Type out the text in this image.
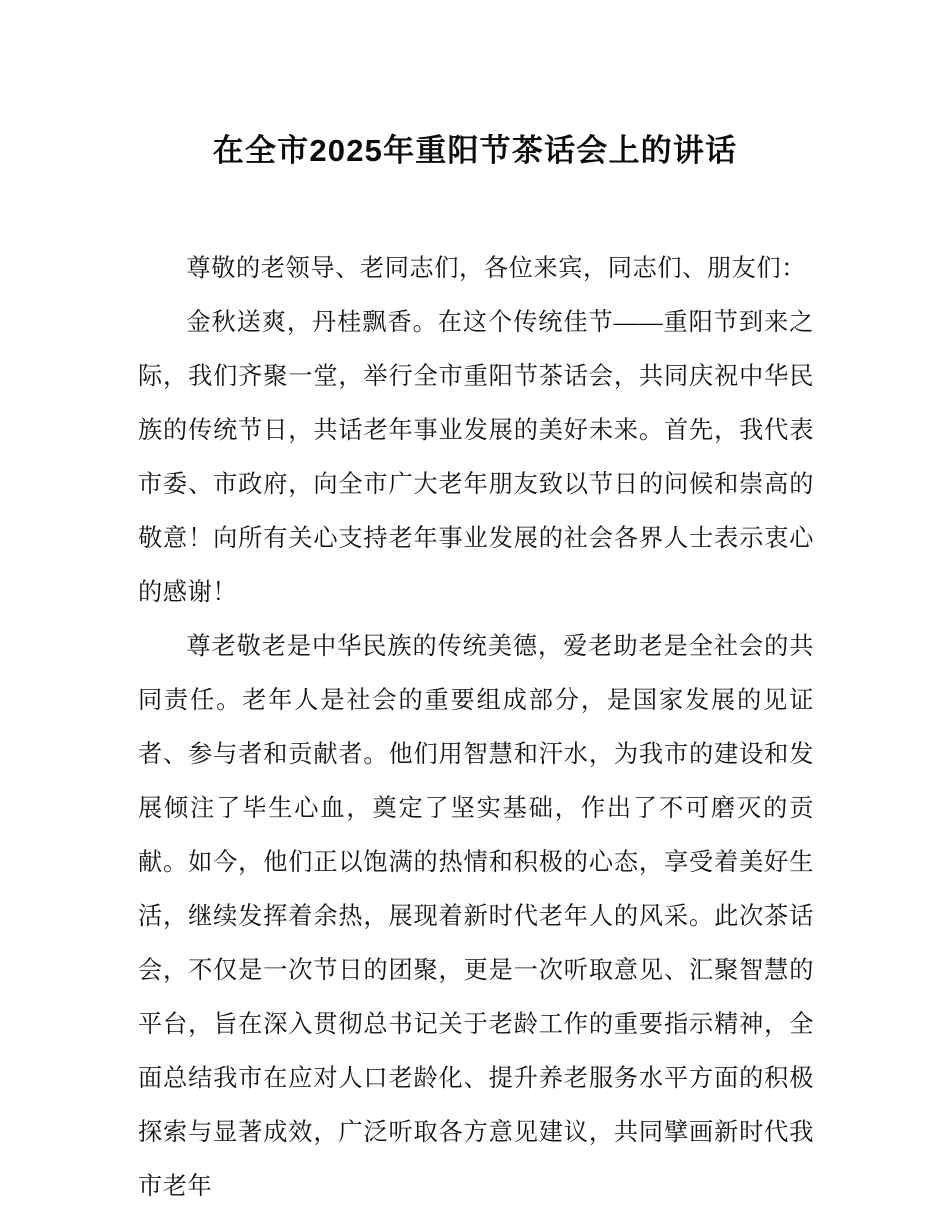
在全市2025年重阳节茶话会上的讲话

尊敬的老领导、老同志们，各位来宾，同志们、朋友们：

金秋送爽，丹桂飘香。在这个传统佳节——重阳节到来之际，我们齐聚一堂，举行全市重阳节茶话会，共同庆祝中华民族的传统节日，共话老年事业发展的美好未来。首先，我代表市委、市政府，向全市广大老年朋友致以节日的问候和崇高的敬意！向所有关心支持老年事业发展的社会各界人士表示衷心的感谢！

尊老敬老是中华民族的传统美德，爱老助老是全社会的共同责任。老年人是社会的重要组成部分，是国家发展的见证者、参与者和贡献者。他们用智慧和汗水，为我市的建设和发展倾注了毕生心血，奠定了坚实基础，作出了不可磨灭的贡献。如今，他们正以饱满的热情和积极的心态，享受着美好生活，继续发挥着余热，展现着新时代老年人的风采。此次茶话会，不仅是一次节日的团聚，更是一次听取意见、汇聚智慧的平台，旨在深入贯彻总书记关于老龄工作的重要指示精神，全面总结我市在应对人口老龄化、提升养老服务水平方面的积极探索与显著成效，广泛听取各方意见建议，共同擘画新时代我市老年
